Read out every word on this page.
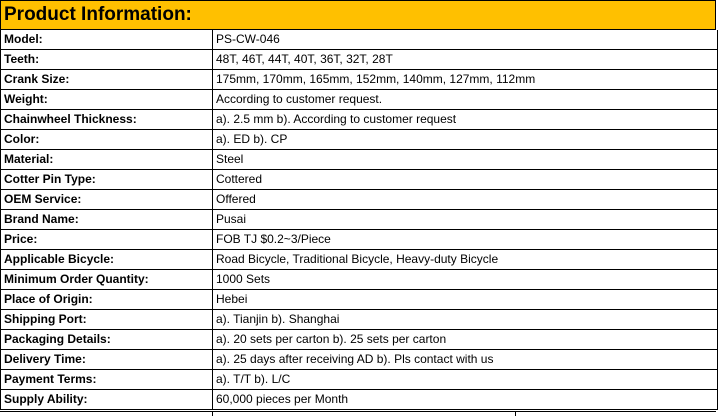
Product Information:
Model:	PS-CW-046
Teeth:	48T, 46T, 44T, 40T, 36T, 32T, 28T
Crank Size:	175mm, 170mm, 165mm, 152mm, 140mm, 127mm, 112mm
Weight:	According to customer request.
Chainwheel Thickness:	a). 2.5 mm b). According to customer request
Color:	a). ED b). CP
Material:	Steel
Cotter Pin Type:	Cottered
OEM Service:	Offered
Brand Name:	Pusai
Price:	FOB TJ $0.2~3/Piece
Applicable Bicycle:	Road Bicycle, Traditional Bicycle, Heavy-duty Bicycle
Minimum Order Quantity:	1000 Sets
Place of Origin:	Hebei
Shipping Port:	a). Tianjin b). Shanghai
Packaging Details:	a). 20 sets per carton b). 25 sets per carton
Delivery Time:	a). 25 days after receiving AD b). Pls contact with us
Payment Terms:	a). T/T b). L/C
Supply Ability:	60,000 pieces per Month
